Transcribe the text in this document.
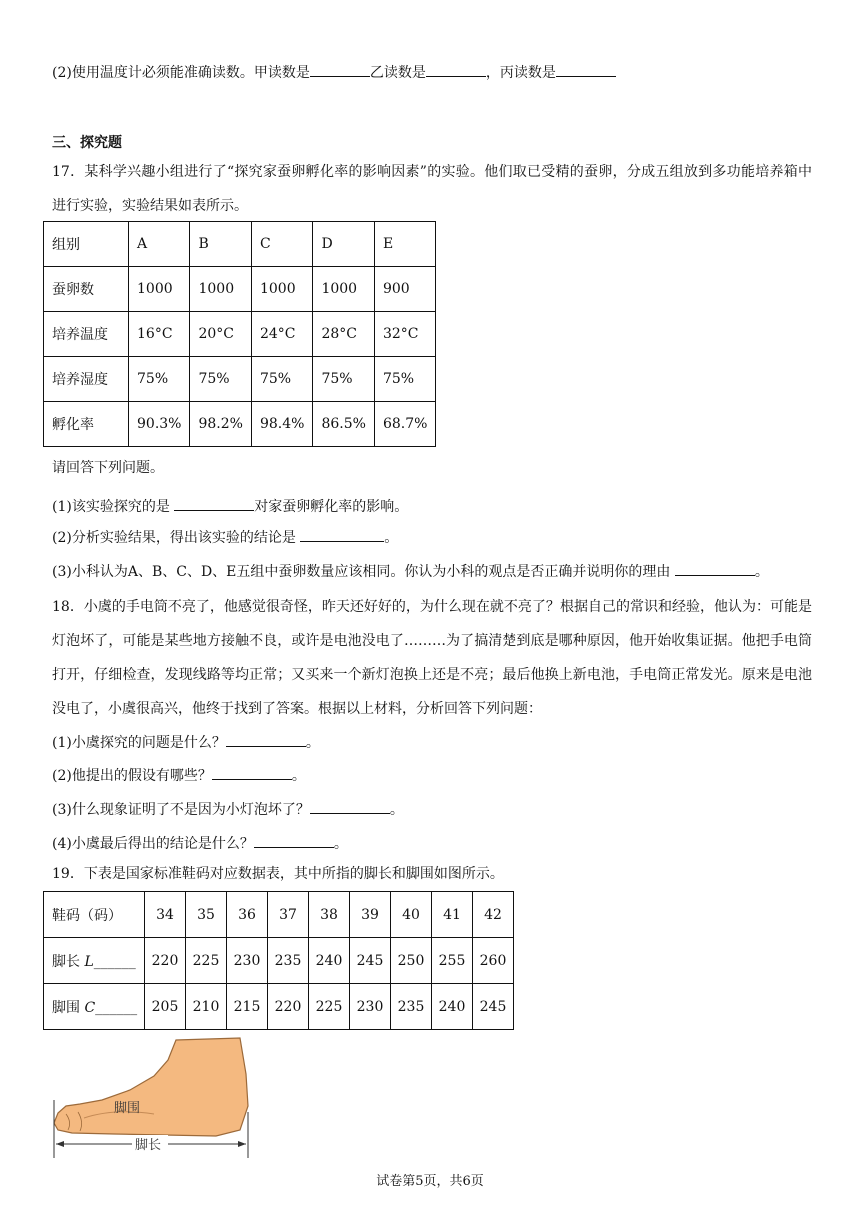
(2)使用温度计必须能准确读数。甲读数是	乙读数是	，丙读数是
三、探究题
17．某科学兴趣小组进行了“探究家蚕卵孵化率的影响因素”的实验。他们取已受精的蚕卵，分成五组放到多功能培养箱中进行实验，实验结果如表所示。
组别	A	B	C	D	E
蚕卵数	1000	1000	1000	1000	900
培养温度	16°C	20°C	24°C	28°C	32°C
培养湿度	75%	75%	75%	75%	75%
孵化率	90.3%	98.2%	98.4%	86.5%	68.7%
请回答下列问题。
(1)该实验探究的是	对家蚕卵孵化率的影响。
(2)分析实验结果，得出该实验的结论是	。
(3)小科认为A、B、C、D、E五组中蚕卵数量应该相同。你认为小科的观点是否正确并说明你的理由	。
18．小虞的手电筒不亮了，他感觉很奇怪，昨天还好好的，为什么现在就不亮了？根据自己的常识和经验，他认为：可能是灯泡坏了，可能是某些地方接触不良，或许是电池没电了………为了搞清楚到底是哪种原因，他开始收集证据。他把手电筒打开，仔细检查，发现线路等均正常；又买来一个新灯泡换上还是不亮；最后他换上新电池，手电筒正常发光。原来是电池没电了，小虞很高兴，他终于找到了答案。根据以上材料，分析回答下列问题：
(1)小虞探究的问题是什么？	。
(2)他提出的假设有哪些？	。
(3)什么现象证明了不是因为小灯泡坏了？	。
(4)小虞最后得出的结论是什么？	。
19．下表是国家标准鞋码对应数据表，其中所指的脚长和脚围如图所示。
鞋码（码）	34	35	36	37	38	39	40	41	42
脚长 L______	220	225	230	235	240	245	250	255	260
脚围 C______	205	210	215	220	225	230	235	240	245
脚围
脚长
试卷第5页，共6页
